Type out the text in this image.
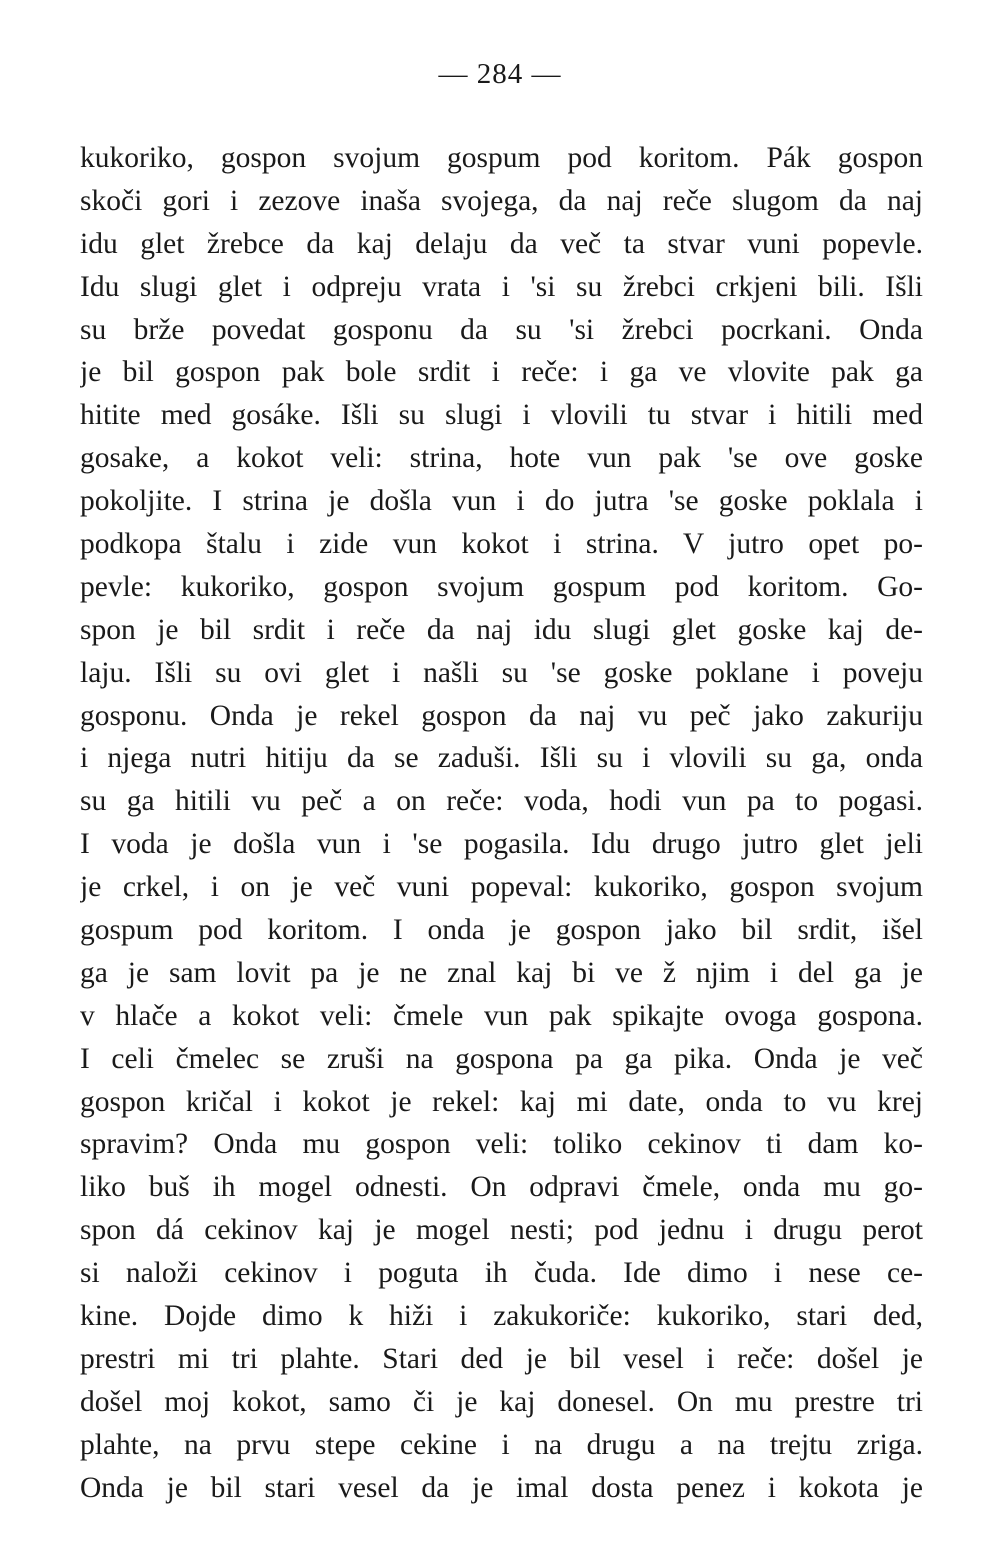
— 284 —
kukoriko, gospon svojum gospum pod koritom. Pák gospon
skoči gori i zezove inaša svojega, da naj reče slugom da naj
idu glet žrebce da kaj delaju da več ta stvar vuni popevle.
Idu slugi glet i odpreju vrata i 'si su žrebci crkjeni bili. Išli
su brže povedat gosponu da su 'si žrebci pocrkani. Onda
je bil gospon pak bole srdit i reče: i ga ve vlovite pak ga
hitite med gosáke. Išli su slugi i vlovili tu stvar i hitili med
gosake, a kokot veli: strina, hote vun pak 'se ove goske
pokoljite. I strina je došla vun i do jutra 'se goske poklala i
podkopa štalu i zide vun kokot i strina. V jutro opet po-
pevle: kukoriko, gospon svojum gospum pod koritom. Go-
spon je bil srdit i reče da naj idu slugi glet goske kaj de-
laju. Išli su ovi glet i našli su 'se goske poklane i poveju
gosponu. Onda je rekel gospon da naj vu peč jako zakuriju
i njega nutri hitiju da se zaduši. Išli su i vlovili su ga, onda
su ga hitili vu peč a on reče: voda, hodi vun pa to pogasi.
I voda je došla vun i 'se pogasila. Idu drugo jutro glet jeli
je crkel, i on je več vuni popeval: kukoriko, gospon svojum
gospum pod koritom. I onda je gospon jako bil srdit, išel
ga je sam lovit pa je ne znal kaj bi ve ž njim i del ga je
v hlače a kokot veli: čmele vun pak spikajte ovoga gospona.
I celi čmelec se zruši na gospona pa ga pika. Onda je več
gospon kričal i kokot je rekel: kaj mi date, onda to vu krej
spravim? Onda mu gospon veli: toliko cekinov ti dam ko-
liko buš ih mogel odnesti. On odpravi čmele, onda mu go-
spon dá cekinov kaj je mogel nesti; pod jednu i drugu perot
si naloži cekinov i poguta ih čuda. Ide dimo i nese ce-
kine. Dojde dimo k hiži i zakukoriče: kukoriko, stari ded,
prestri mi tri plahte. Stari ded je bil vesel i reče: došel je
došel moj kokot, samo či je kaj donesel. On mu prestre tri
plahte, na prvu stepe cekine i na drugu a na trejtu zriga.
Onda je bil stari vesel da je imal dosta penez i kokota je
